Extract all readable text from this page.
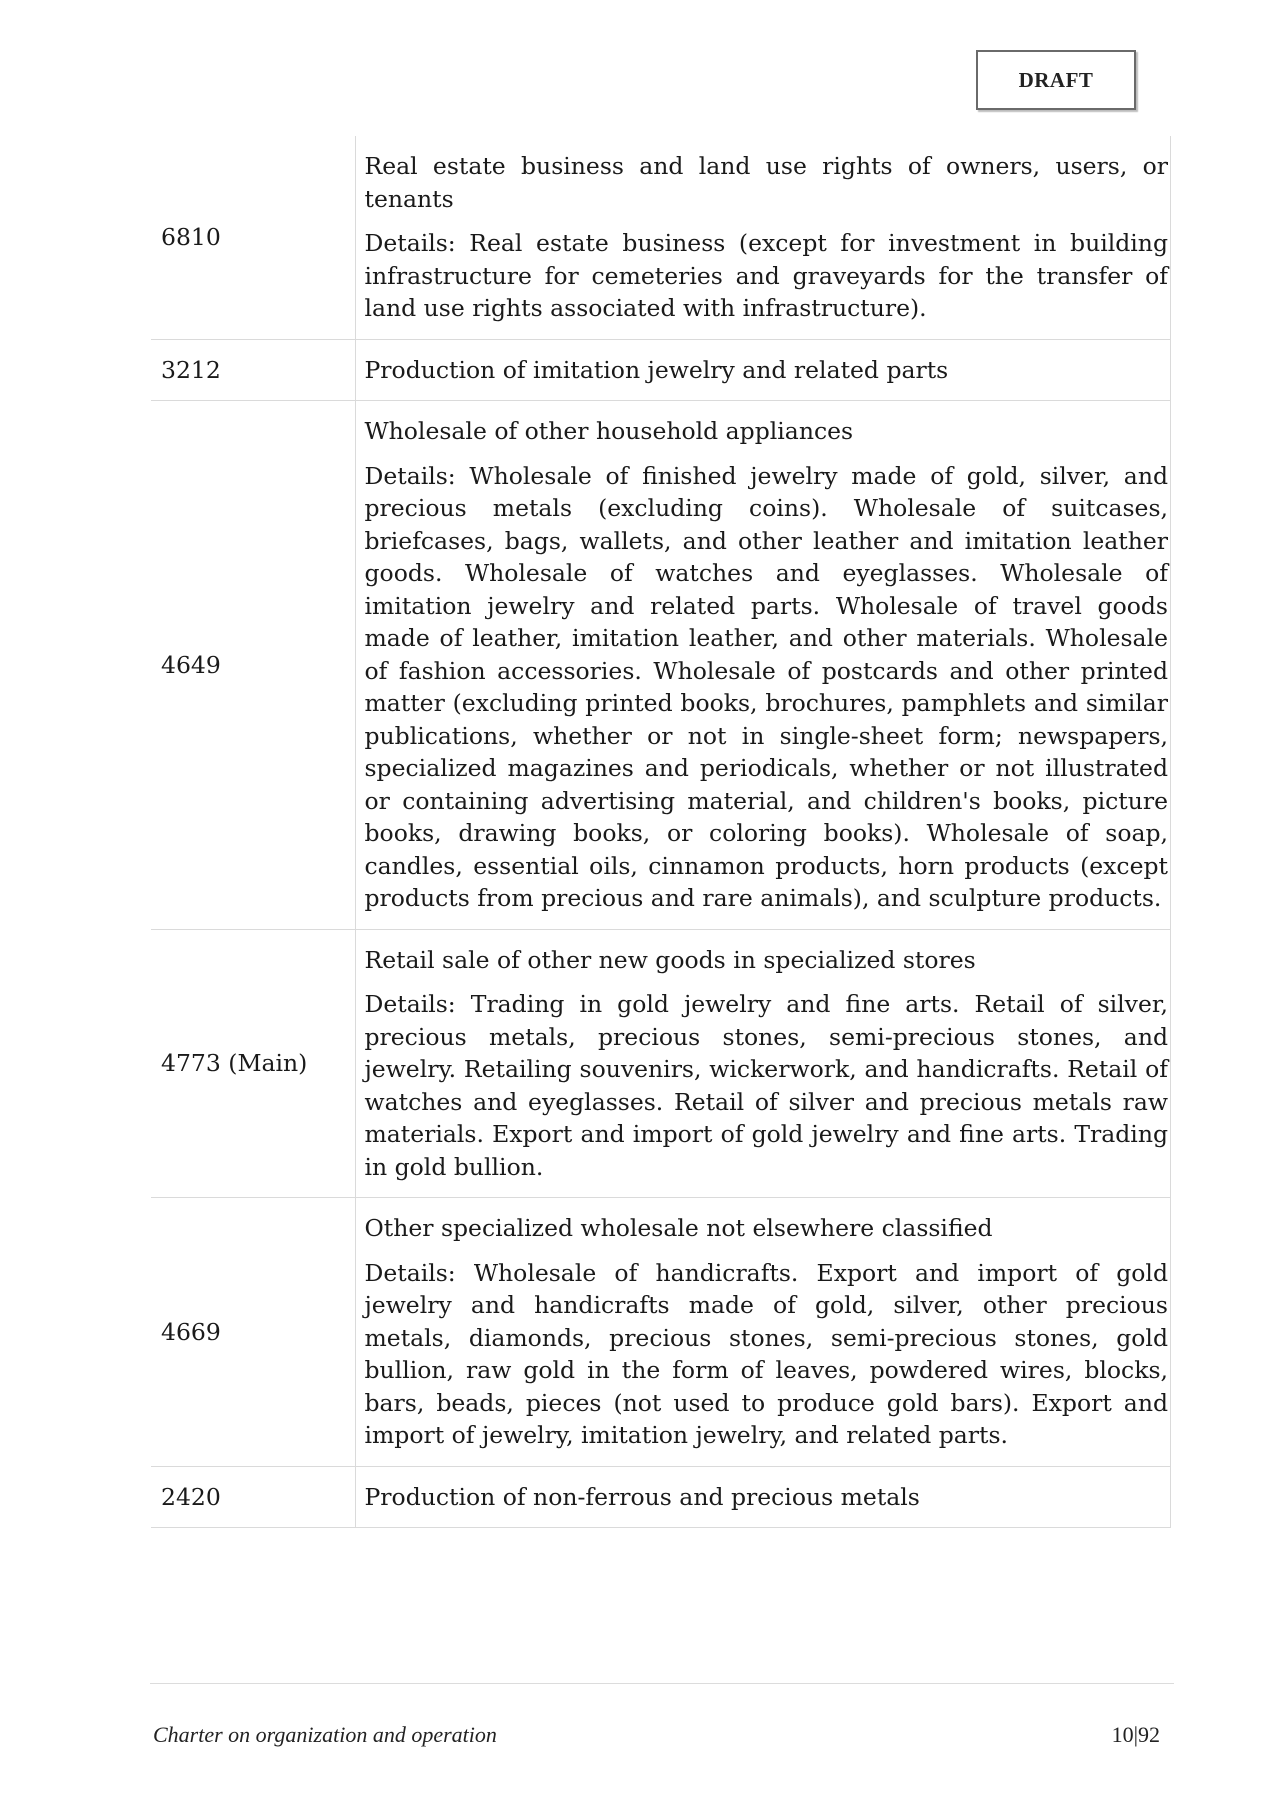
DRAFT
6810	Real estate business and land use rights of owners, users, or tenants

Details: Real estate business (except for investment in building infrastructure for cemeteries and graveyards for the transfer of land use rights associated with infrastructure).

3212	Production of imitation jewelry and related parts

4649	Wholesale of other household appliances

Details: Wholesale of finished jewelry made of gold, silver, and precious metals (excluding coins). Wholesale of suitcases, briefcases, bags, wallets, and other leather and imitation leather goods. Wholesale of watches and eyeglasses. Wholesale of imitation jewelry and related parts. Wholesale of travel goods made of leather, imitation leather, and other materials. Wholesale of fashion accessories. Wholesale of postcards and other printed matter (excluding printed books, brochures, pamphlets and similar publications, whether or not in single-sheet form; newspapers, specialized magazines and periodicals, whether or not illustrated or containing advertising material, and children's books, picture books, drawing books, or coloring books). Wholesale of soap, candles, essential oils, cinnamon products, horn products (except products from precious and rare animals), and sculpture products.

4773 (Main)	Retail sale of other new goods in specialized stores

Details: Trading in gold jewelry and fine arts. Retail of silver, precious metals, precious stones, semi-precious stones, and jewelry. Retailing souvenirs, wickerwork, and handicrafts. Retail of watches and eyeglasses. Retail of silver and precious metals raw materials. Export and import of gold jewelry and fine arts. Trading in gold bullion.

4669	Other specialized wholesale not elsewhere classified

Details: Wholesale of handicrafts. Export and import of gold jewelry and handicrafts made of gold, silver, other precious metals, diamonds, precious stones, semi-precious stones, gold bullion, raw gold in the form of leaves, powdered wires, blocks, bars, beads, pieces (not used to produce gold bars). Export and import of jewelry, imitation jewelry, and related parts.

2420	Production of non-ferrous and precious metals

Charter on organization and operation	10|92
